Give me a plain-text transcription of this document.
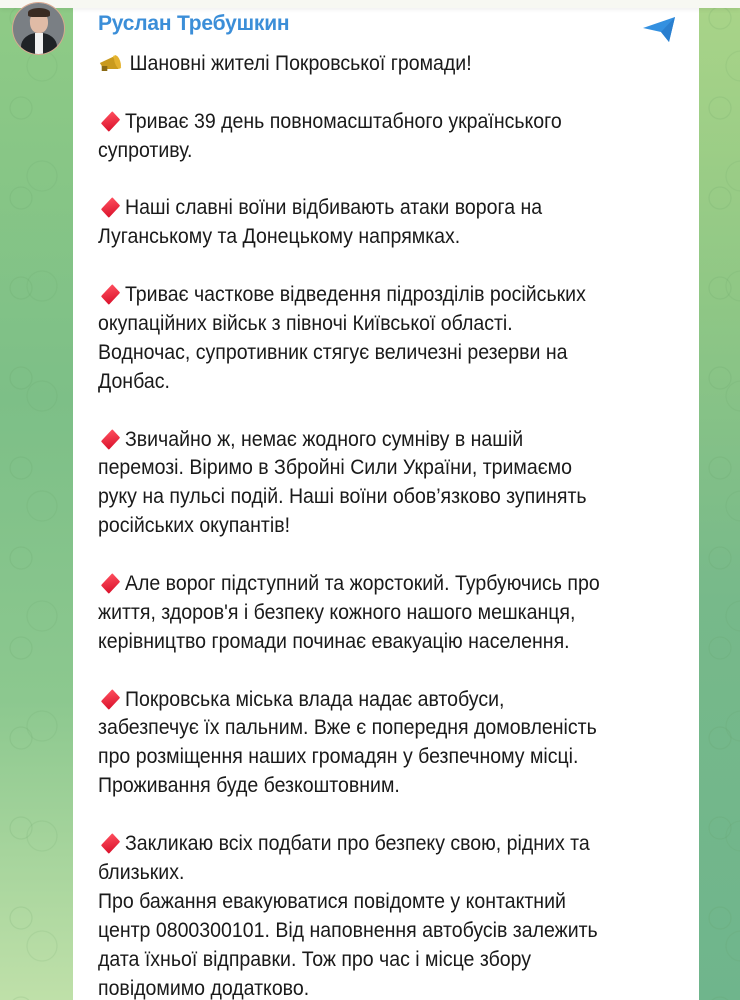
Руслан Требушкин
Шановні жителі Покровської громади!
Триває 39 день повномасштабного українського
супротиву.
Наші славні воїни відбивають атаки ворога на
Луганському та Донецькому напрямках.
Триває часткове відведення підрозділів російських
окупаційних військ з півночі Київської області.
Водночас, супротивник стягує величезні резерви на
Донбас.
Звичайно ж, немає жодного сумніву в нашій
перемозі. Віримо в Збройні Сили України, тримаємо
руку на пульсі подій. Наші воїни обов’язково зупинять
російських окупантів!
Але ворог підступний та жорстокий. Турбуючись про
життя, здоров'я і безпеку кожного нашого мешканця,
керівництво громади починає евакуацію населення.
Покровська міська влада надає автобуси,
забезпечує їх пальним. Вже є попередня домовленість
про розміщення наших громадян у безпечному місці.
Проживання буде безкоштовним.
Закликаю всіх подбати про безпеку свою, рідних та
близьких.
Про бажання евакуюватися повідомте у контактний
центр 0800300101. Від наповнення автобусів залежить
дата їхньої відправки. Тож про час і місце збору
повідомимо додатково.
